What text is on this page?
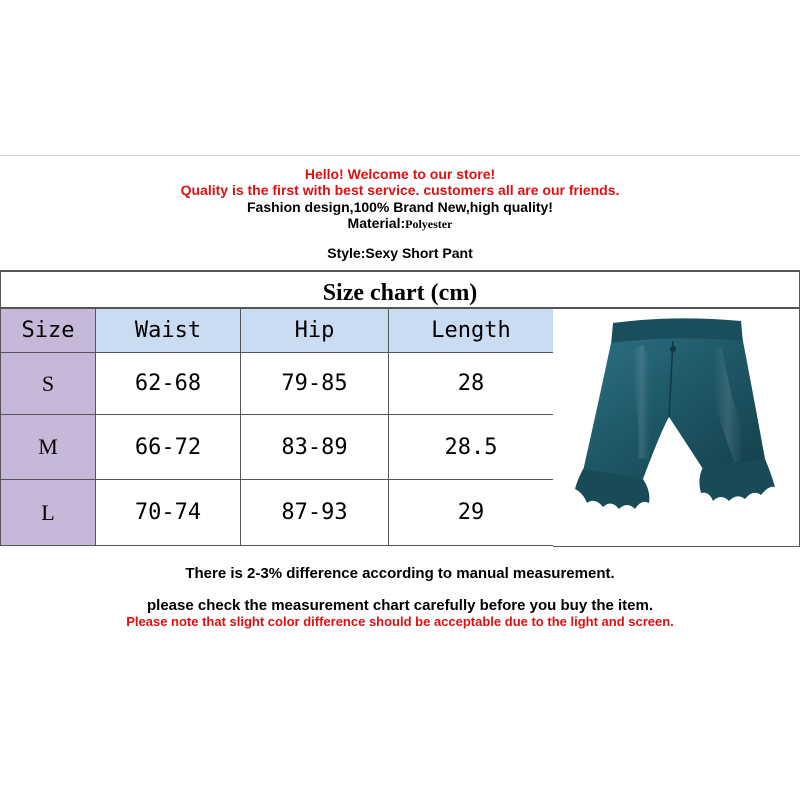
Hello! Welcome to our store!
Quality is the first with best service. customers all are our friends.
Fashion design,100% Brand New,high quality!
Material:Polyester
Style:Sexy Short Pant
Size chart (cm)
Size	Waist	Hip	Length
S	62-68	79-85	28
M	66-72	83-89	28.5
L	70-74	87-93	29
There is 2-3% difference according to manual measurement.
please check the measurement chart carefully before you buy the item.
Please note that slight color difference should be acceptable due to the light and screen.
